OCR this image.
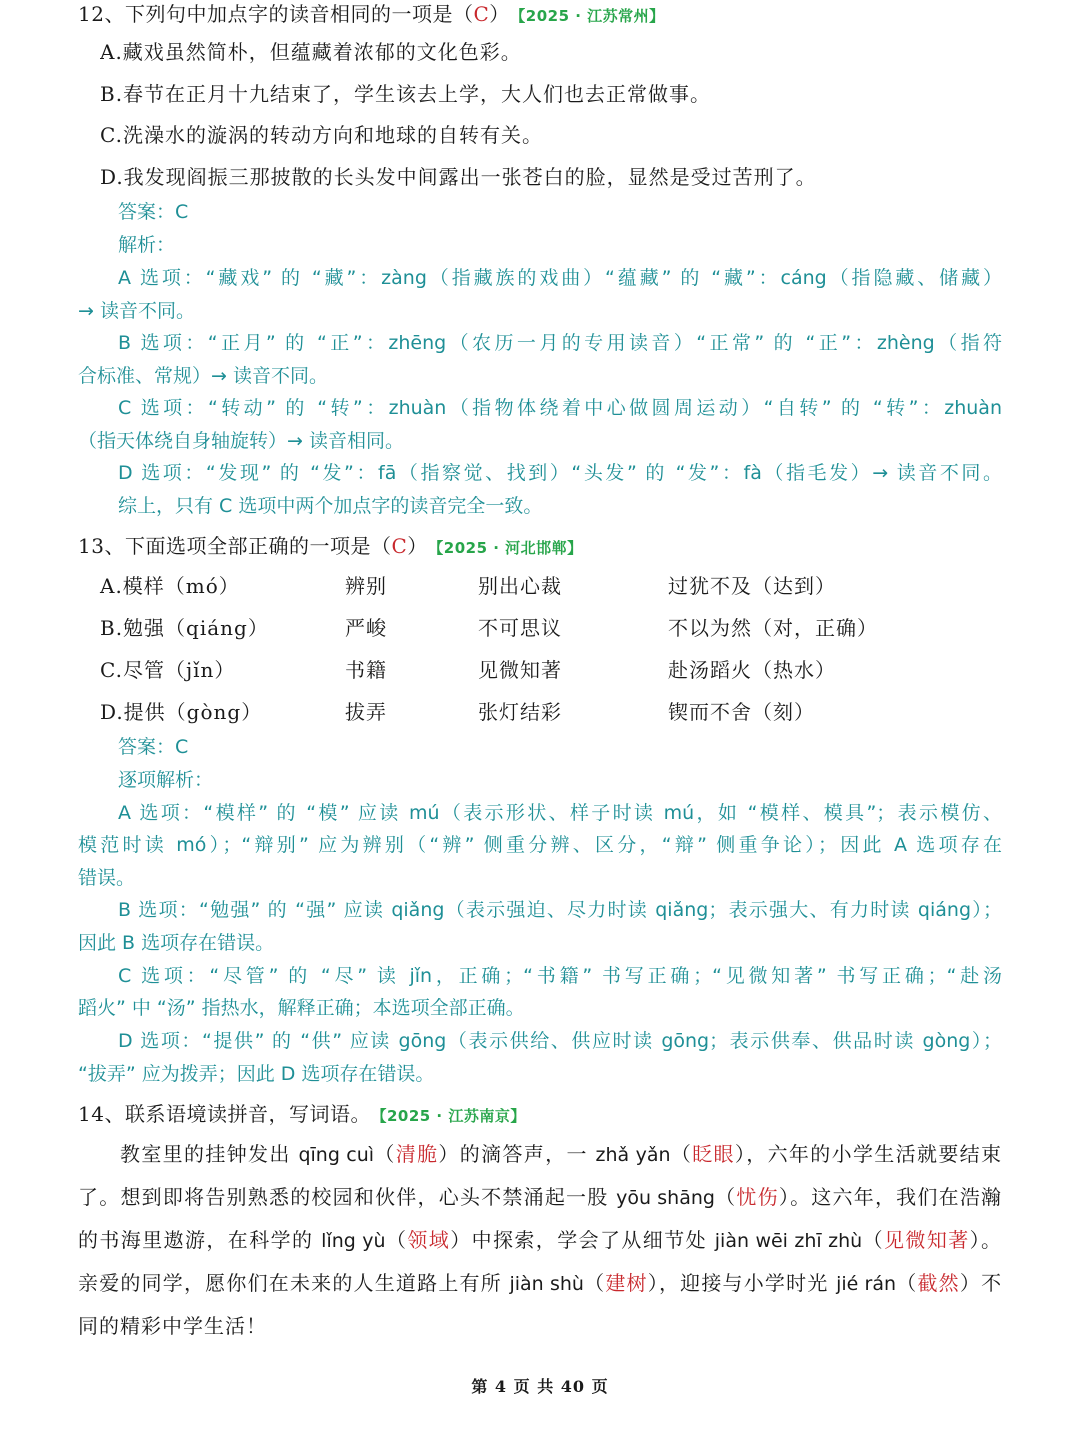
12、下列句中加点字的读音相同的一项是（C） 【2025 · 江苏常州】
A.藏戏虽然简朴，但蕴藏着浓郁的文化色彩。
B.春节在正月十九结束了，学生该去上学，大人们也去正常做事。
C.洗澡水的漩涡的转动方向和地球的自转有关。
D.我发现阎振三那披散的长头发中间露出一张苍白的脸，显然是受过苦刑了。
答案：C
解析：
A 选项：“藏戏” 的 “藏”：zàng（指藏族的戏曲）“蕴藏” 的 “藏”：cáng（指隐藏、储藏）
→ 读音不同。
B 选项：“正月” 的 “正”：zhēng（农历一月的专用读音）“正常” 的 “正”：zhèng（指符
合标准、常规）→ 读音不同。
C 选项：“转动” 的 “转”：zhuàn（指物体绕着中心做圆周运动）“自转” 的 “转”：zhuàn
（指天体绕自身轴旋转）→ 读音相同。
D 选项：“发现” 的 “发”：fā（指察觉、找到）“头发” 的 “发”：fà（指毛发）→ 读音不同。
综上，只有 C 选项中两个加点字的读音完全一致。
13、下面选项全部正确的一项是（C） 【2025 · 河北邯郸】
A.模样（mó）	辨别	别出心裁	过犹不及（达到）
B.勉强（qiáng）	严峻	不可思议	不以为然（对，正确）
C.尽管（jǐn）	书籍	见微知著	赴汤蹈火（热水）
D.提供（gòng）	拔弄	张灯结彩	锲而不舍（刻）
答案：C
逐项解析：
A 选项：“模样” 的 “模” 应读 mú（表示形状、样子时读 mú，如 “模样、模具”；表示模仿、
模范时读 mó）；“辩别” 应为辨别（“辨” 侧重分辨、区分，“辩” 侧重争论）；因此 A 选项存在
错误。
B 选项：“勉强” 的 “强” 应读 qiǎng（表示强迫、尽力时读 qiǎng；表示强大、有力时读 qiáng）；
因此 B 选项存在错误。
C 选项：“尽管” 的 “尽” 读 jǐn，正确；“书籍” 书写正确；“见微知著” 书写正确；“赴汤
蹈火” 中 “汤” 指热水，解释正确；本选项全部正确。
D 选项：“提供” 的 “供” 应读 gōng（表示供给、供应时读 gōng；表示供奉、供品时读 gòng）；
“拔弄” 应为拨弄；因此 D 选项存在错误。
14、联系语境读拼音，写词语。 【2025 · 江苏南京】
教室里的挂钟发出 qīng cuì（清脆）的滴答声，一 zhǎ yǎn（眨眼），六年的小学生活就要结束了。想到即将告别熟悉的校园和伙伴，心头不禁涌起一股 yōu shāng（忧伤）。这六年，我们在浩瀚的书海里遨游，在科学的 lǐng yù（领域）中探索，学会了从细节处 jiàn wēi zhī zhù（见微知著）。亲爱的同学，愿你们在未来的人生道路上有所 jiàn shù（建树），迎接与小学时光 jié rán（截然）不同的精彩中学生活！
第 4 页 共 40 页
